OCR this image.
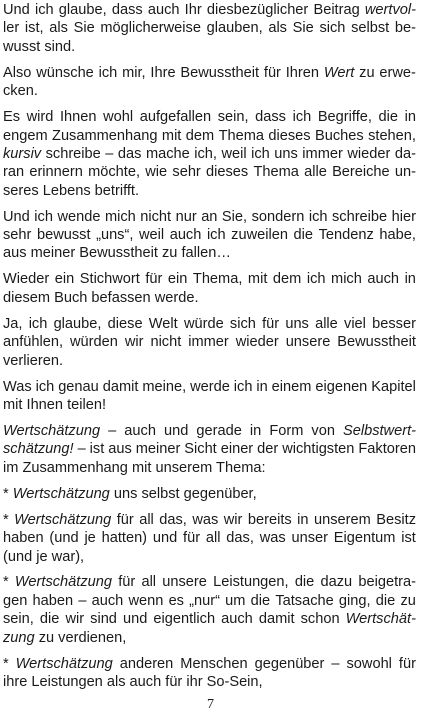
Und ich glaube, dass auch Ihr diesbezüglicher Beitrag wertvol-
ler ist, als Sie möglicherweise glauben, als Sie sich selbst be-
wusst sind.
Also wünsche ich mir, Ihre Bewusstheit für Ihren Wert zu erwe-
cken.
Es wird Ihnen wohl aufgefallen sein, dass ich Begriffe, die in
engem Zusammenhang mit dem Thema dieses Buches stehen,
kursiv schreibe – das mache ich, weil ich uns immer wieder da-
ran erinnern möchte, wie sehr dieses Thema alle Bereiche un-
seres Lebens betrifft.
Und ich wende mich nicht nur an Sie, sondern ich schreibe hier
sehr bewusst „uns“, weil auch ich zuweilen die Tendenz habe,
aus meiner Bewusstheit zu fallen…
Wieder ein Stichwort für ein Thema, mit dem ich mich auch in
diesem Buch befassen werde.
Ja, ich glaube, diese Welt würde sich für uns alle viel besser
anfühlen, würden wir nicht immer wieder unsere Bewusstheit
verlieren.
Was ich genau damit meine, werde ich in einem eigenen Kapitel
mit Ihnen teilen!
Wertschätzung – auch und gerade in Form von Selbstwert-
schätzung! – ist aus meiner Sicht einer der wichtigsten Faktoren
im Zusammenhang mit unserem Thema:
* Wertschätzung uns selbst gegenüber,
* Wertschätzung für all das, was wir bereits in unserem Besitz
haben (und je hatten) und für all das, was unser Eigentum ist
(und je war),
* Wertschätzung für all unsere Leistungen, die dazu beigetra-
gen haben – auch wenn es „nur“ um die Tatsache ging, die zu
sein, die wir sind und eigentlich auch damit schon Wertschät-
zung zu verdienen,
* Wertschätzung anderen Menschen gegenüber – sowohl für
ihre Leistungen als auch für ihr So-Sein,
7
